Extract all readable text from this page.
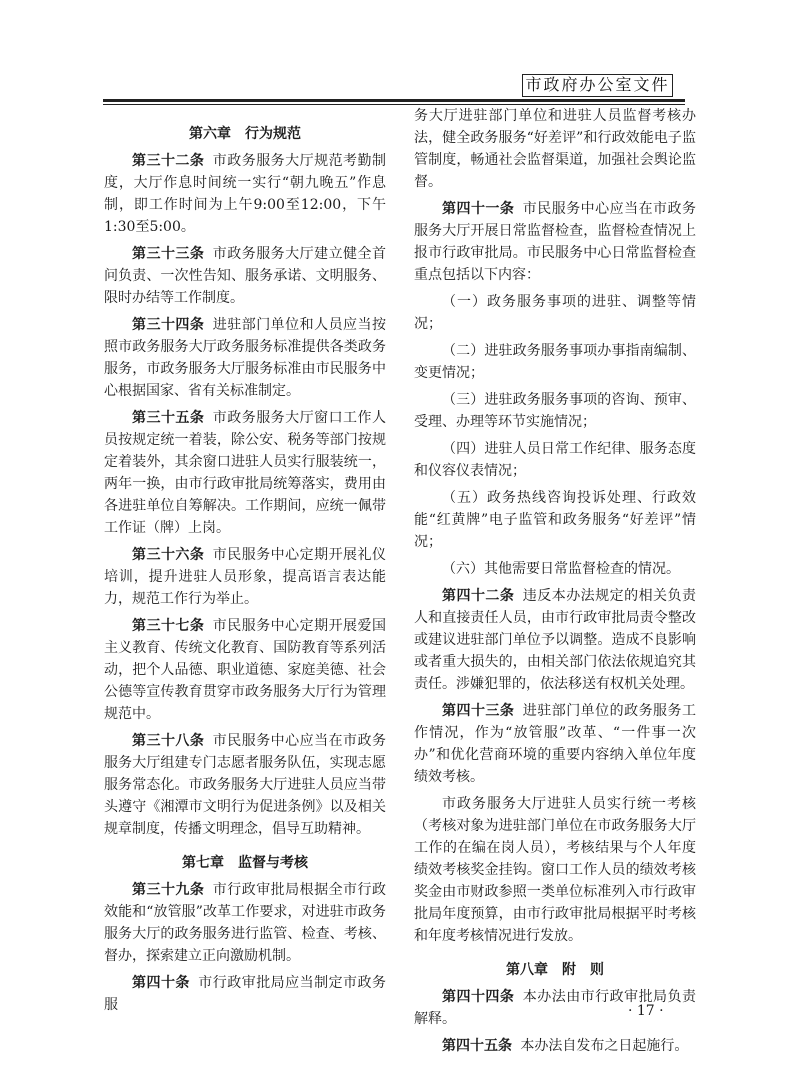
市政府办公室文件
第六章　行为规范

第三十二条 市政务服务大厅规范考勤制度，大厅作息时间统一实行“朝九晚五”作息制，即工作时间为上午9:00至12:00，下午1:30至5:00。

第三十三条 市政务服务大厅建立健全首问负责、一次性告知、服务承诺、文明服务、限时办结等工作制度。

第三十四条 进驻部门单位和人员应当按照市政务服务大厅政务服务标准提供各类政务服务，市政务服务大厅服务标准由市民服务中心根据国家、省有关标准制定。

第三十五条 市政务服务大厅窗口工作人员按规定统一着装，除公安、税务等部门按规定着装外，其余窗口进驻人员实行服装统一，两年一换，由市行政审批局统筹落实，费用由各进驻单位自筹解决。工作期间，应统一佩带工作证（牌）上岗。

第三十六条 市民服务中心定期开展礼仪培训，提升进驻人员形象，提高语言表达能力，规范工作行为举止。

第三十七条 市民服务中心定期开展爱国主义教育、传统文化教育、国防教育等系列活动，把个人品德、职业道德、家庭美德、社会公德等宣传教育贯穿市政务服务大厅行为管理规范中。

第三十八条 市民服务中心应当在市政务服务大厅组建专门志愿者服务队伍，实现志愿服务常态化。市政务服务大厅进驻人员应当带头遵守《湘潭市文明行为促进条例》以及相关规章制度，传播文明理念，倡导互助精神。

第七章　监督与考核

第三十九条 市行政审批局根据全市行政效能和“放管服”改革工作要求，对进驻市政务服务大厅的政务服务进行监管、检查、考核、督办，探索建立正向激励机制。

第四十条 市行政审批局应当制定市政务服

务大厅进驻部门单位和进驻人员监督考核办法，健全政务服务“好差评”和行政效能电子监管制度，畅通社会监督渠道，加强社会舆论监督。

第四十一条 市民服务中心应当在市政务服务大厅开展日常监督检查，监督检查情况上报市行政审批局。市民服务中心日常监督检查重点包括以下内容：

（一）政务服务事项的进驻、调整等情况；

（二）进驻政务服务事项办事指南编制、变更情况；

（三）进驻政务服务事项的咨询、预审、受理、办理等环节实施情况；

（四）进驻人员日常工作纪律、服务态度和仪容仪表情况；

（五）政务热线咨询投诉处理、行政效能“红黄牌”电子监管和政务服务“好差评”情况；

（六）其他需要日常监督检查的情况。

第四十二条 违反本办法规定的相关负责人和直接责任人员，由市行政审批局责令整改或建议进驻部门单位予以调整。造成不良影响或者重大损失的，由相关部门依法依规追究其责任。涉嫌犯罪的，依法移送有权机关处理。

第四十三条 进驻部门单位的政务服务工作情况，作为“放管服”改革、“一件事一次办”和优化营商环境的重要内容纳入单位年度绩效考核。

市政务服务大厅进驻人员实行统一考核（考核对象为进驻部门单位在市政务服务大厅工作的在编在岗人员），考核结果与个人年度绩效考核奖金挂钩。窗口工作人员的绩效考核奖金由市财政参照一类单位标准列入市行政审批局年度预算，由市行政审批局根据平时考核和年度考核情况进行发放。

第八章　附　则

第四十四条 本办法由市行政审批局负责解释。

第四十五条 本办法自发布之日起施行。

· 17 ·
